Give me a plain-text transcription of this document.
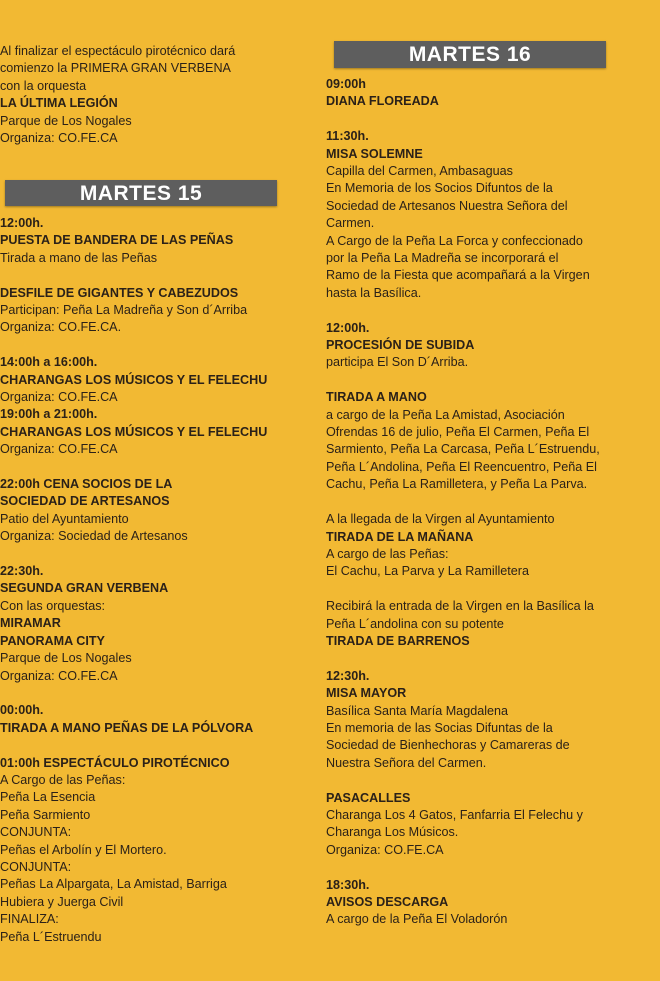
Al finalizar el espectáculo pirotécnico dará
comienzo la PRIMERA GRAN VERBENA
con la orquesta
LA ÚLTIMA LEGIÓN
Parque de Los Nogales
Organiza: CO.FE.CA
MARTES 15
12:00h.
PUESTA DE BANDERA DE LAS PEÑAS
Tirada a mano de las Peñas
DESFILE DE GIGANTES Y CABEZUDOS
Participan: Peña La Madreña y Son d´Arriba
Organiza: CO.FE.CA.
14:00h a 16:00h.
CHARANGAS LOS MÚSICOS Y EL FELECHU
Organiza: CO.FE.CA
19:00h a 21:00h.
CHARANGAS LOS MÚSICOS Y EL FELECHU
Organiza: CO.FE.CA
22:00h CENA SOCIOS DE LA
SOCIEDAD DE ARTESANOS
Patio del Ayuntamiento
Organiza: Sociedad de Artesanos
22:30h.
SEGUNDA GRAN VERBENA
Con las orquestas:
MIRAMAR
PANORAMA CITY
Parque de Los Nogales
Organiza: CO.FE.CA
00:00h.
TIRADA A MANO PEÑAS DE LA PÓLVORA
01:00h ESPECTÁCULO PIROTÉCNICO
A Cargo de las Peñas:
Peña La Esencia
Peña Sarmiento
CONJUNTA:
Peñas el Arbolín y El Mortero.
CONJUNTA:
Peñas La Alpargata, La Amistad, Barriga
Hubiera y Juerga Civil
FINALIZA:
Peña L´Estruendu
MARTES 16
09:00h
DIANA FLOREADA
11:30h.
MISA SOLEMNE
Capilla del Carmen, Ambasaguas
En Memoria de los Socios Difuntos de la
Sociedad de Artesanos Nuestra Señora del
Carmen.
A Cargo de la Peña La Forca y confeccionado
por la Peña La Madreña se incorporará el
Ramo de la Fiesta que acompañará a la Virgen
hasta la Basílica.
12:00h.
PROCESIÓN DE SUBIDA
participa El Son D´Arriba.
TIRADA A MANO
a cargo de la Peña La Amistad, Asociación
Ofrendas 16 de julio, Peña El Carmen, Peña El
Sarmiento, Peña La Carcasa, Peña L´Estruendu,
Peña L´Andolina, Peña El Reencuentro, Peña El
Cachu, Peña La Ramilletera, y Peña La Parva.
A la llegada de la Virgen al Ayuntamiento
TIRADA DE LA MAÑANA
A cargo de las Peñas:
El Cachu, La Parva y La Ramilletera
Recibirá la entrada de la Virgen en la Basílica la
Peña L´andolina con su potente
TIRADA DE BARRENOS
12:30h.
MISA MAYOR
Basílica Santa María Magdalena
En memoria de las Socias Difuntas de la
Sociedad de Bienhechoras y Camareras de
Nuestra Señora del Carmen.
PASACALLES
Charanga Los 4 Gatos, Fanfarria El Felechu y
Charanga Los Músicos.
Organiza: CO.FE.CA
18:30h.
AVISOS DESCARGA
A cargo de la Peña El Voladorón
